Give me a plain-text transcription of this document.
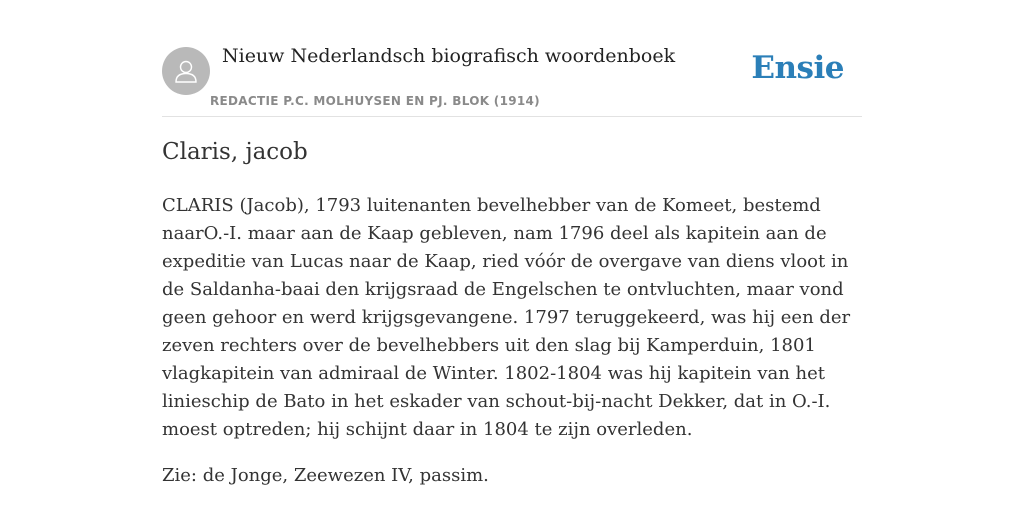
Nieuw Nederlandsch biografisch woordenboek
REDACTIE P.C. MOLHUYSEN EN PJ. BLOK (1914)
Ensie
Claris, jacob

CLARIS (Jacob), 1793 luitenanten bevelhebber van de Komeet, bestemd naarO.-I. maar aan de Kaap gebleven, nam 1796 deel als kapitein aan de expeditie van Lucas naar de Kaap, ried vóór de overgave van diens vloot in de Saldanha-baai den krijgsraad de Engelschen te ontvluchten, maar vond geen gehoor en werd krijgsgevangene. 1797 teruggekeerd, was hij een der zeven rechters over de bevelhebbers uit den slag bij Kamperduin, 1801 vlagkapitein van admiraal de Winter. 1802-1804 was hij kapitein van het linieschip de Bato in het eskader van schout-bij-nacht Dekker, dat in O.-I. moest optreden; hij schijnt daar in 1804 te zijn overleden.

Zie: de Jonge, Zeewezen IV, passim.
